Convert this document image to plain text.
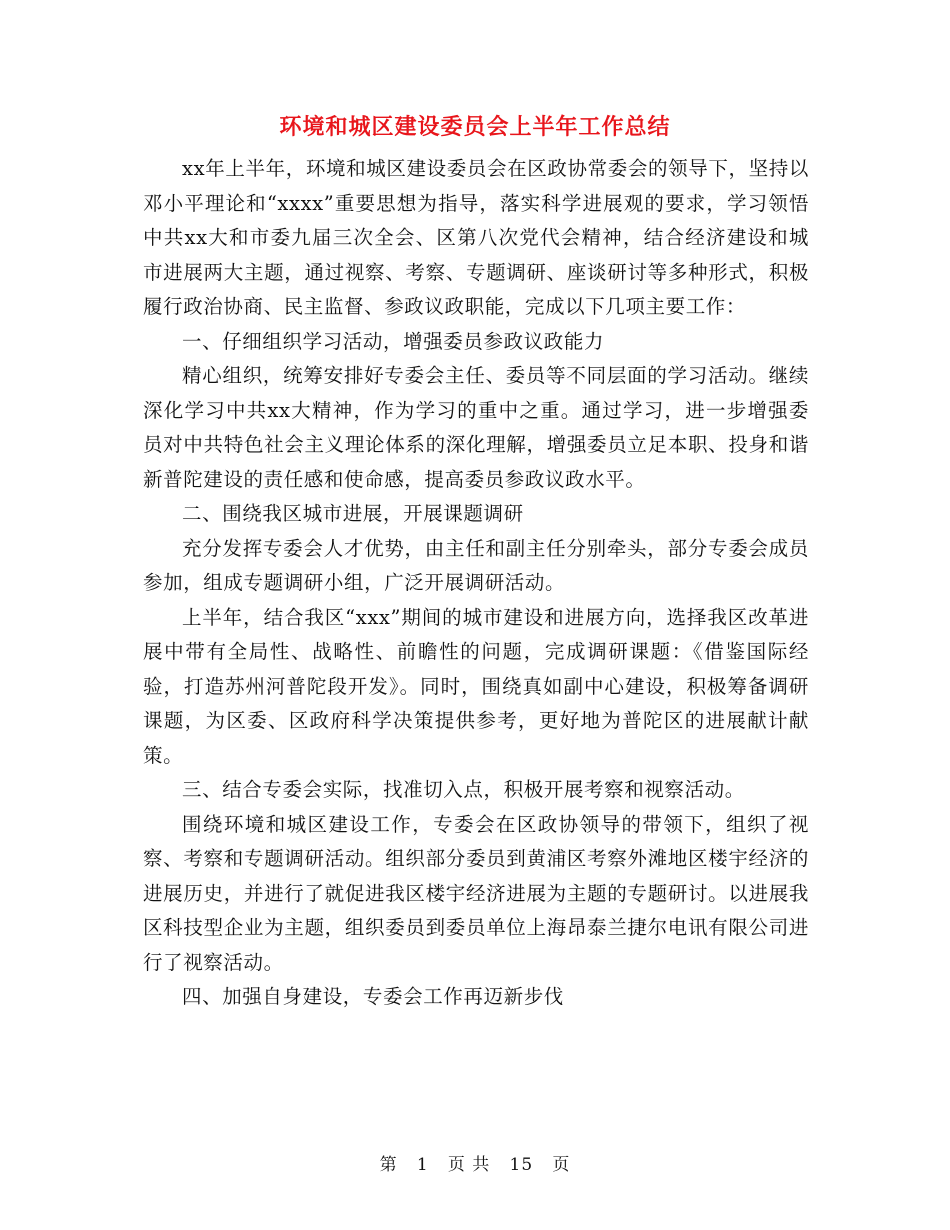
环境和城区建设委员会上半年工作总结

xx年上半年，环境和城区建设委员会在区政协常委会的领导下，坚持以邓小平理论和“xxxx”重要思想为指导，落实科学进展观的要求，学习领悟中共xx大和市委九届三次全会、区第八次党代会精神，结合经济建设和城市进展两大主题，通过视察、考察、专题调研、座谈研讨等多种形式，积极履行政治协商、民主监督、参政议政职能，完成以下几项主要工作：

一、仔细组织学习活动，增强委员参政议政能力

精心组织，统筹安排好专委会主任、委员等不同层面的学习活动。继续深化学习中共xx大精神，作为学习的重中之重。通过学习，进一步增强委员对中共特色社会主义理论体系的深化理解，增强委员立足本职、投身和谐新普陀建设的责任感和使命感，提高委员参政议政水平。

二、围绕我区城市进展，开展课题调研

充分发挥专委会人才优势，由主任和副主任分别牵头，部分专委会成员参加，组成专题调研小组，广泛开展调研活动。

上半年，结合我区“xxx”期间的城市建设和进展方向，选择我区改革进展中带有全局性、战略性、前瞻性的问题，完成调研课题：《借鉴国际经验，打造苏州河普陀段开发》。同时，围绕真如副中心建设，积极筹备调研课题，为区委、区政府科学决策提供参考，更好地为普陀区的进展献计献策。

三、结合专委会实际，找准切入点，积极开展考察和视察活动。

围绕环境和城区建设工作，专委会在区政协领导的带领下，组织了视察、考察和专题调研活动。组织部分委员到黄浦区考察外滩地区楼宇经济的进展历史，并进行了就促进我区楼宇经济进展为主题的专题研讨。以进展我区科技型企业为主题，组织委员到委员单位上海昂泰兰捷尔电讯有限公司进行了视察活动。

四、加强自身建设，专委会工作再迈新步伐

第 1 页 共 15 页
